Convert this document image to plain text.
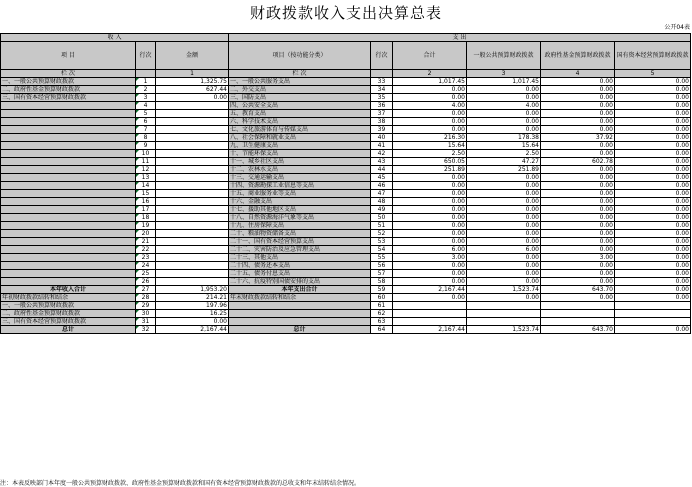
财政拨款收入支出决算总表
公开04表
收 入			支 出					
项 目	行次	金额	项目（按功能分类）	行次	合计	一般公共预算财政拨款	政府性基金预算财政拨款	国有资本经营预算财政拨款
栏 次		1	栏 次		2	3	4	5
一、一般公共预算财政拨款	1	1,325.75	一、一般公共服务支出	33	1,017.45	1,017.45	0.00	0.00
二、政府性基金预算财政拨款	2	627.44	二、外交支出	34	0.00	0.00	0.00	0.00
三、国有资本经营预算财政拨款	3	0.00	三、国防支出	35	0.00	0.00	0.00	0.00
	4		四、公共安全支出	36	4.00	4.00	0.00	0.00
	5		五、教育支出	37	0.00	0.00	0.00	0.00
	6		六、科学技术支出	38	0.00	0.00	0.00	0.00
	7		七、文化旅游体育与传媒支出	39	0.00	0.00	0.00	0.00
	8		八、社会保障和就业支出	40	216.30	178.38	37.92	0.00
	9		九、卫生健康支出	41	15.64	15.64	0.00	0.00
	10		十、节能环保支出	42	2.50	2.50	0.00	0.00
	11		十一、城乡社区支出	43	650.05	47.27	602.78	0.00
	12		十二、农林水支出	44	251.89	251.89	0.00	0.00
	13		十三、交通运输支出	45	0.00	0.00	0.00	0.00
	14		十四、资源勘探工业信息等支出	46	0.00	0.00	0.00	0.00
	15		十五、商业服务业等支出	47	0.00	0.00	0.00	0.00
	16		十六、金融支出	48	0.00	0.00	0.00	0.00
	17		十七、援助其他地区支出	49	0.00	0.00	0.00	0.00
	18		十八、自然资源海洋气象等支出	50	0.00	0.00	0.00	0.00
	19		十九、住房保障支出	51	0.00	0.00	0.00	0.00
	20		二十、粮油物资储备支出	52	0.00	0.00	0.00	0.00
	21		二十一、国有资本经营预算支出	53	0.00	0.00	0.00	0.00
	22		二十二、灾害防治及应急管理支出	54	6.00	6.00	0.00	0.00
	23		二十三、其他支出	55	3.00	0.00	3.00	0.00
	24		二十四、债务还本支出	56	0.00	0.00	0.00	0.00
	25		二十五、债务付息支出	57	0.00	0.00	0.00	0.00
	26		二十六、抗疫特别国债安排的支出	58	0.00	0.00	0.00	0.00
本年收入合计	27	1,953.20	本年支出合计	59	2,167.44	1,523.74	643.70	0.00
年初财政拨款结转和结余	28	214.21	年末财政拨款结转和结余	60	0.00	0.00	0.00	0.00
一、一般公共预算财政拨款	29	197.96		61				
二、政府性基金预算财政拨款	30	16.25		62				
三、国有资本经营预算财政拨款	31	0.00		63				
总计	32	2,167.44	总计	64	2,167.44	1,523.74	643.70	0.00
注：本表反映部门本年度一般公共预算财政拨款、政府性基金预算财政拨款和国有资本经营预算财政拨款的总收支和年末结转结余情况。
